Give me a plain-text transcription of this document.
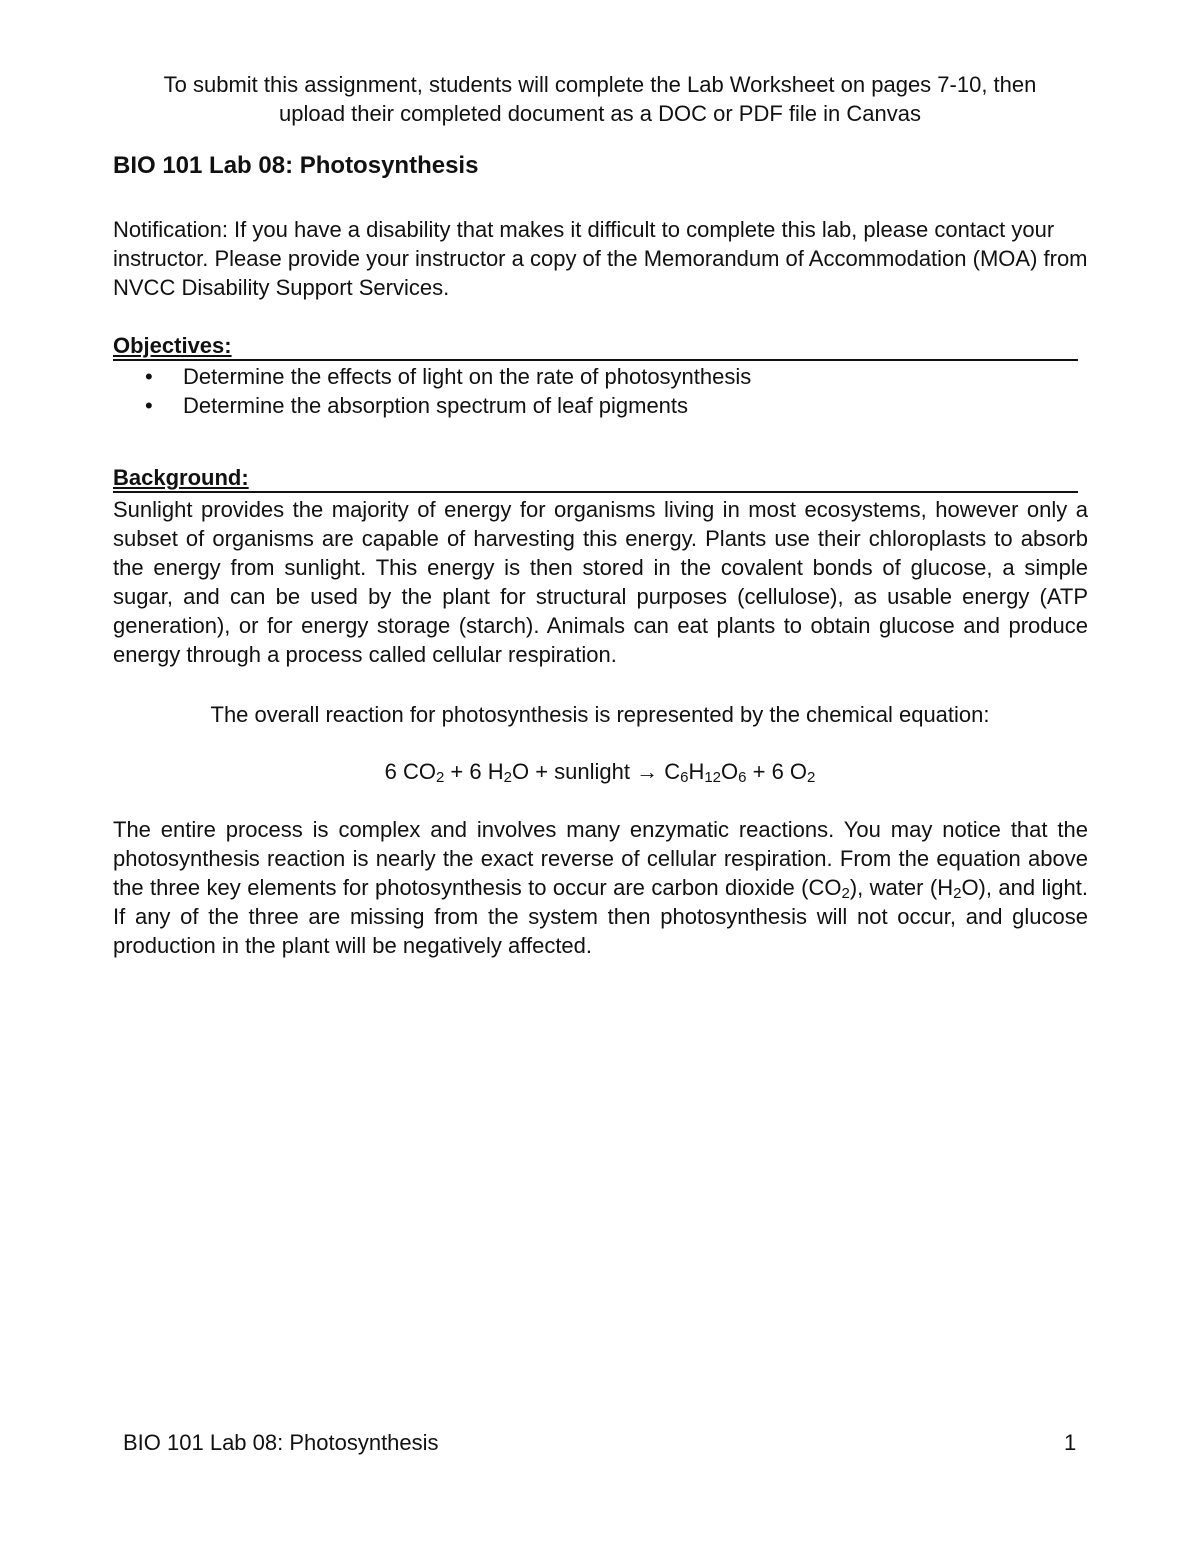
To submit this assignment, students will complete the Lab Worksheet on pages 7-10, then
upload their completed document as a DOC or PDF file in Canvas
BIO 101 Lab 08: Photosynthesis

Notification: If you have a disability that makes it difficult to complete this lab, please contact your instructor. Please provide your instructor a copy of the Memorandum of Accommodation (MOA) from NVCC Disability Support Services.

Objectives:
• Determine the effects of light on the rate of photosynthesis
• Determine the absorption spectrum of leaf pigments
Background:

Sunlight provides the majority of energy for organisms living in most ecosystems, however only a subset of organisms are capable of harvesting this energy. Plants use their chloroplasts to absorb the energy from sunlight. This energy is then stored in the covalent bonds of glucose, a simple sugar, and can be used by the plant for structural purposes (cellulose), as usable energy (ATP generation), or for energy storage (starch). Animals can eat plants to obtain glucose and produce energy through a process called cellular respiration.

The overall reaction for photosynthesis is represented by the chemical equation:

6 $CO_2 + 6$ $H_2O$ + sunlight → $C_6H_{12}O_6 + 6$ $O_2$

The entire process is complex and involves many enzymatic reactions. You may notice that the photosynthesis reaction is nearly the exact reverse of cellular respiration. From the equation above the three key elements for photosynthesis to occur are carbon dioxide $(CO_2)$, water $(H_2O)$, and light. If any of the three are missing from the system then photosynthesis will not occur, and glucose production in the plant will be negatively affected.

BIO 101 Lab 08: Photosynthesis	1
